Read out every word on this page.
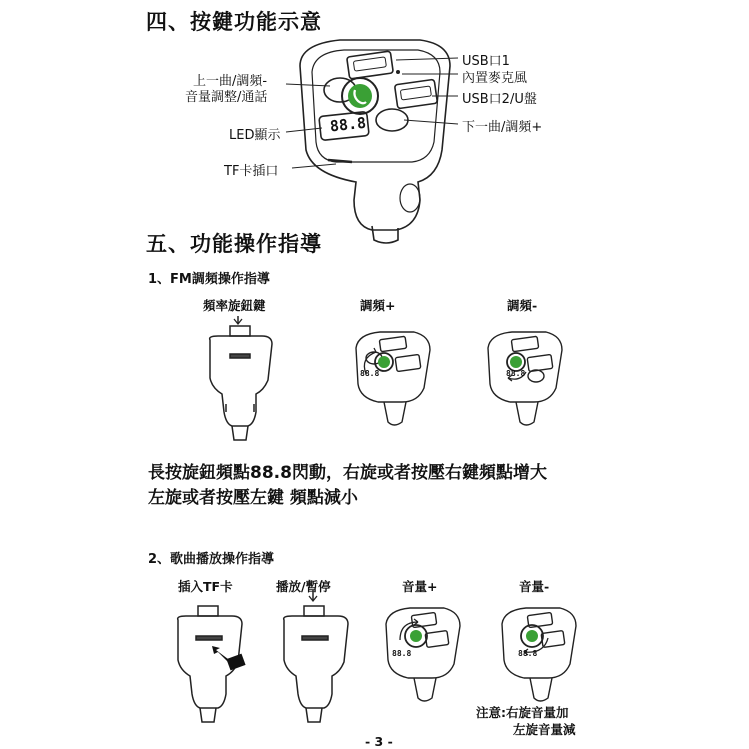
四、按鍵功能示意
88.8
USB口1
內置麥克風
USB口2/U盤
下一曲/調頻+
上一曲/調頻-
音量調整/通話
LED顯示
TF卡插口
五、功能操作指導
1、FM調頻操作指導
頻率旋鈕鍵	調頻+	調頻-
88.8	88.8
長按旋鈕頻點88.8閃動，右旋或者按壓右鍵頻點增大
左旋或者按壓左鍵 頻點減小
2、歌曲播放操作指導
插入TF卡	播放/暫停	音量+	音量-
88.8	88.8
注意:右旋音量加
左旋音量減
- 3 -
